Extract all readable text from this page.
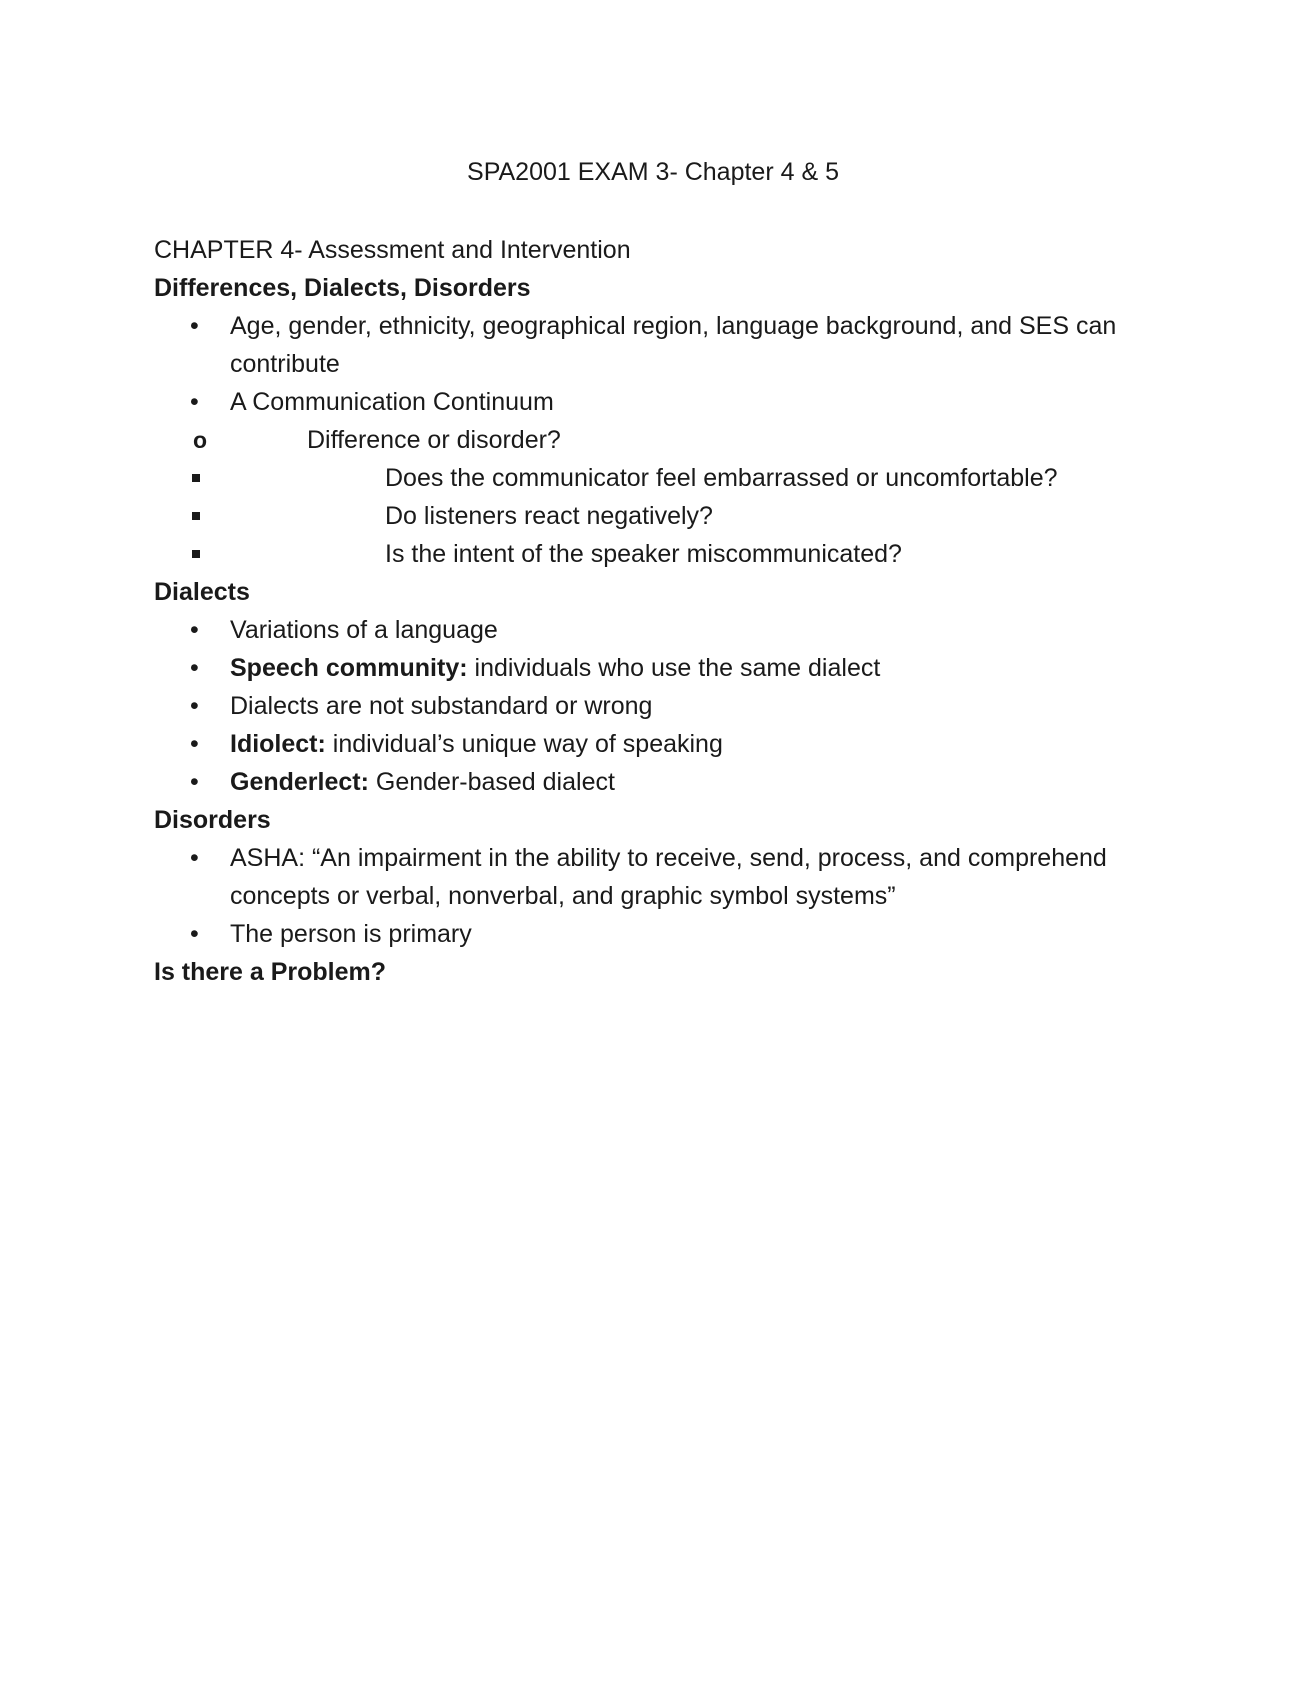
SPA2001 EXAM 3- Chapter 4 & 5

CHAPTER 4- Assessment and Intervention

Differences, Dialects, Disorders

• Age, gender, ethnicity, geographical region, language background, and SES can contribute
• A Communication Continuum
o Difference or disorder?
Does the communicator feel embarrassed or uncomfortable?
Do listeners react negatively?
Is the intent of the speaker miscommunicated?

Dialects

• Variations of a language
• Speech community: individuals who use the same dialect
• Dialects are not substandard or wrong
• Idiolect: individual’s unique way of speaking
• Genderlect: Gender-based dialect

Disorders

• ASHA: “An impairment in the ability to receive, send, process, and comprehend concepts or verbal, nonverbal, and graphic symbol systems”
• The person is primary

Is there a Problem?
